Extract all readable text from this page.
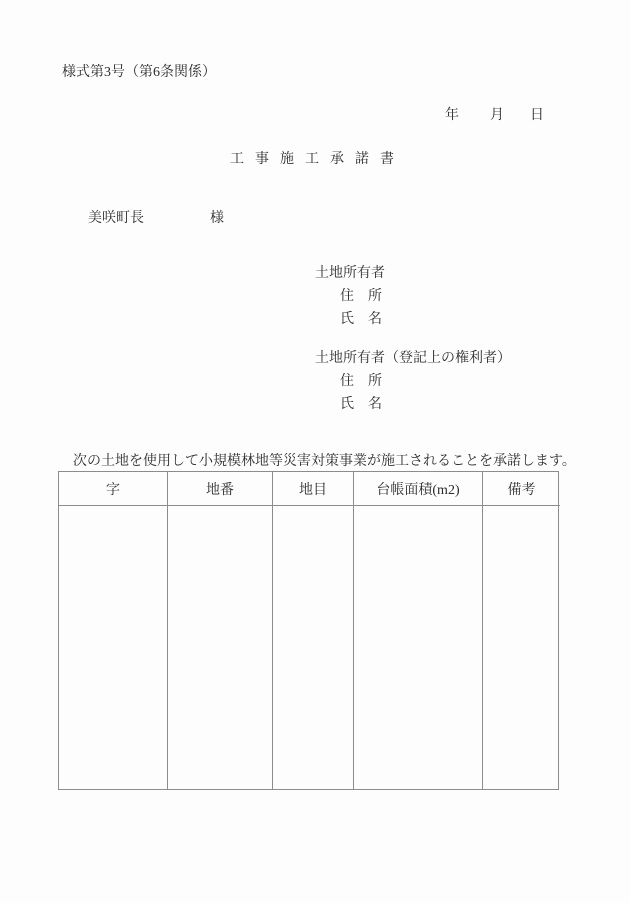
様式第3号（第6条関係）
年 月 日
工事施工承諾書
美咲町長	様
土地所有者
住　所
氏　名
土地所有者（登記上の権利者）
住　所
氏　名
次の土地を使用して小規模林地等災害対策事業が施工されることを承諾します。
字	地番	地目	台帳面積(m2)	備考
